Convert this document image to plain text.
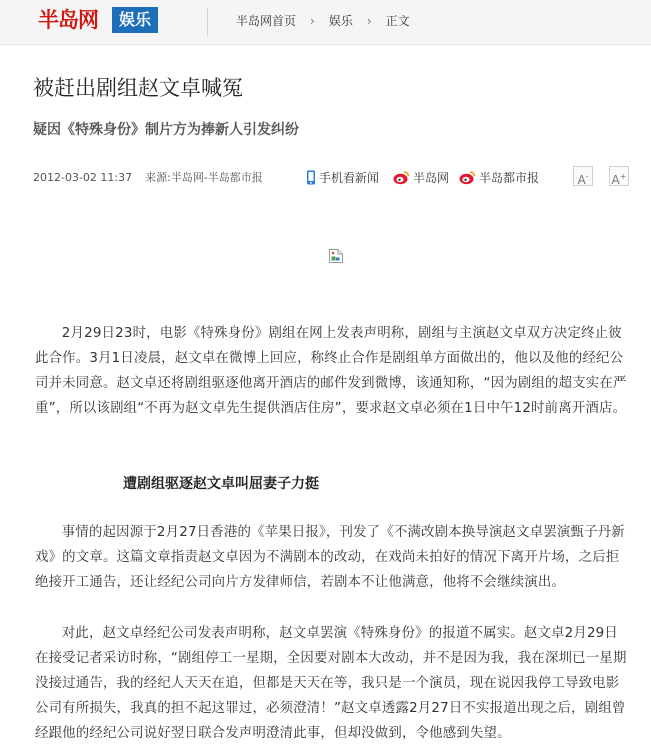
半岛网	娱乐	半岛网首页 › 娱乐 › 正文
被赶出剧组赵文卓喊冤
疑因《特殊身份》制片方为捧新人引发纠纷
2012-03-02 11:37 来源:半岛网-半岛都市报	手机看新闻	半岛网	半岛都市报	A-	A+

2月29日23时，电影《特殊身份》剧组在网上发表声明称，剧组与主演赵文卓双方决定终止彼此合作。3月1日凌晨，赵文卓在微博上回应，称终止合作是剧组单方面做出的，他以及他的经纪公司并未同意。赵文卓还将剧组驱逐他离开酒店的邮件发到微博，该通知称，“因为剧组的超支实在严重”，所以该剧组“不再为赵文卓先生提供酒店住房”，要求赵文卓必须在1日中午12时前离开酒店。

遭剧组驱逐赵文卓叫屈妻子力挺

事情的起因源于2月27日香港的《苹果日报》，刊发了《不满改剧本换导演赵文卓罢演甄子丹新戏》的文章。这篇文章指责赵文卓因为不满剧本的改动，在戏尚未拍好的情况下离开片场，之后拒绝接开工通告，还让经纪公司向片方发律师信，若剧本不让他满意，他将不会继续演出。

对此，赵文卓经纪公司发表声明称，赵文卓罢演《特殊身份》的报道不属实。赵文卓2月29日在接受记者采访时称，“剧组停工一星期，全因要对剧本大改动，并不是因为我，我在深圳已一星期没接过通告，我的经纪人天天在追，但都是天天在等，我只是一个演员，现在说因我停工导致电影公司有所损失，我真的担不起这罪过，必须澄清！”赵文卓透露2月27日不实报道出现之后，剧组曾经跟他的经纪公司说好翌日联合发声明澄清此事，但却没做到，令他感到失望。
